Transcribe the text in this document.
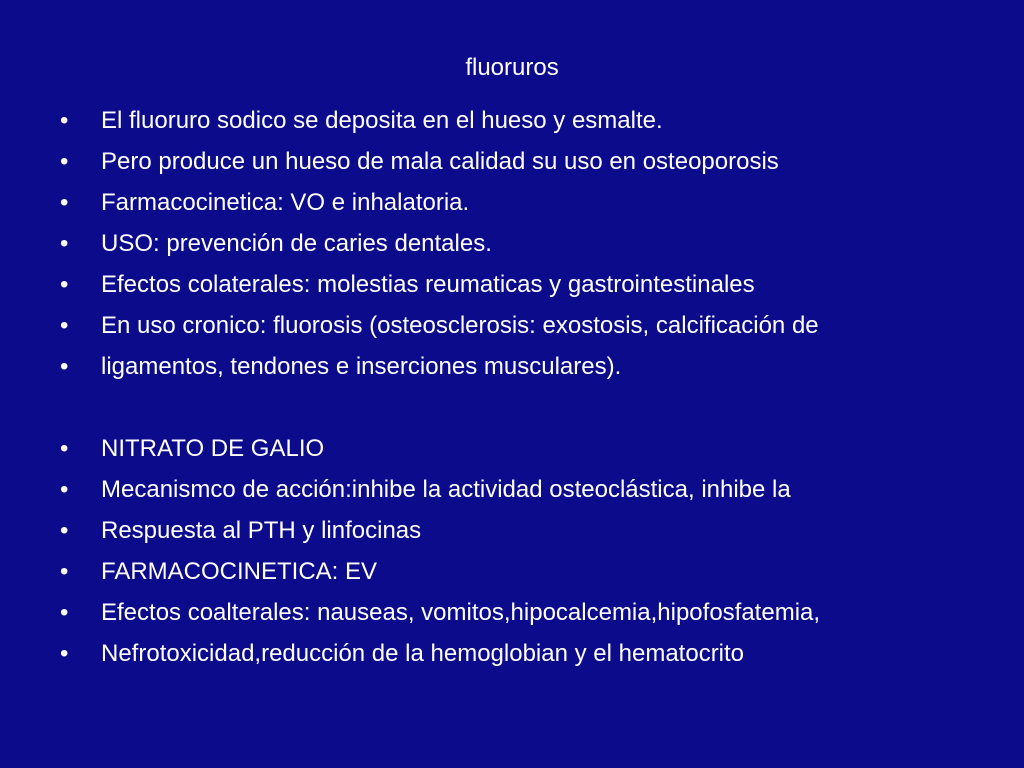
fluoruros
•	El fluoruro sodico se deposita en el hueso y esmalte.
•	Pero produce un hueso de mala calidad su uso en osteoporosis
•	Farmacocinetica: VO e inhalatoria.
•	USO: prevención de caries dentales.
•	Efectos colaterales: molestias reumaticas y gastrointestinales
•	En uso cronico: fluorosis (osteosclerosis: exostosis, calcificación de
•	ligamentos, tendones e inserciones musculares).
•	NITRATO DE GALIO
•	Mecanismco de acción:inhibe la actividad osteoclástica, inhibe la
•	Respuesta al PTH y linfocinas
•	FARMACOCINETICA: EV
•	Efectos coalterales: nauseas, vomitos,hipocalcemia,hipofosfatemia,
•	Nefrotoxicidad,reducción de la hemoglobian y el hematocrito
